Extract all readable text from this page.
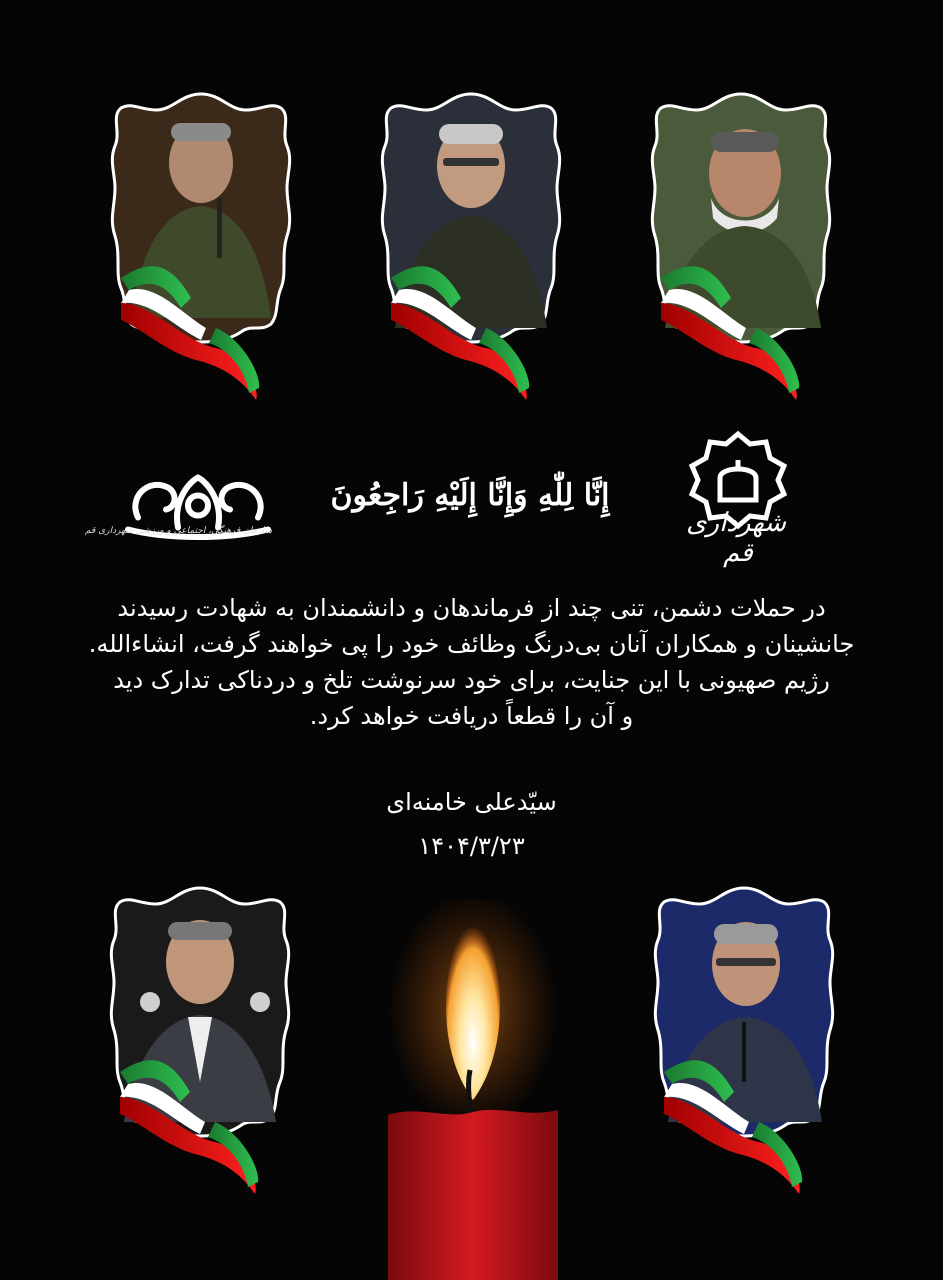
سازمان فرهنگی، اجتماعی و ورزشی شهرداری قم
إِنَّا لِلّٰهِ وَإِنَّا إِلَيْهِ رَاجِعُونَ
شهرداری قم

در حملات دشمن، تنی چند از فرماندهان و دانشمندان به شهادت رسیدند

جانشینان و همکاران آنان بی‌درنگ وظائف خود را پی خواهند گرفت، انشاءالله.

رژیم صهیونی با این جنایت، برای خود سرنوشت تلخ و دردناکی تدارک دید

و آن را قطعاً دریافت خواهد کرد.

سیّدعلی خامنه‌ای
۱۴۰۴/۳/۲۳
